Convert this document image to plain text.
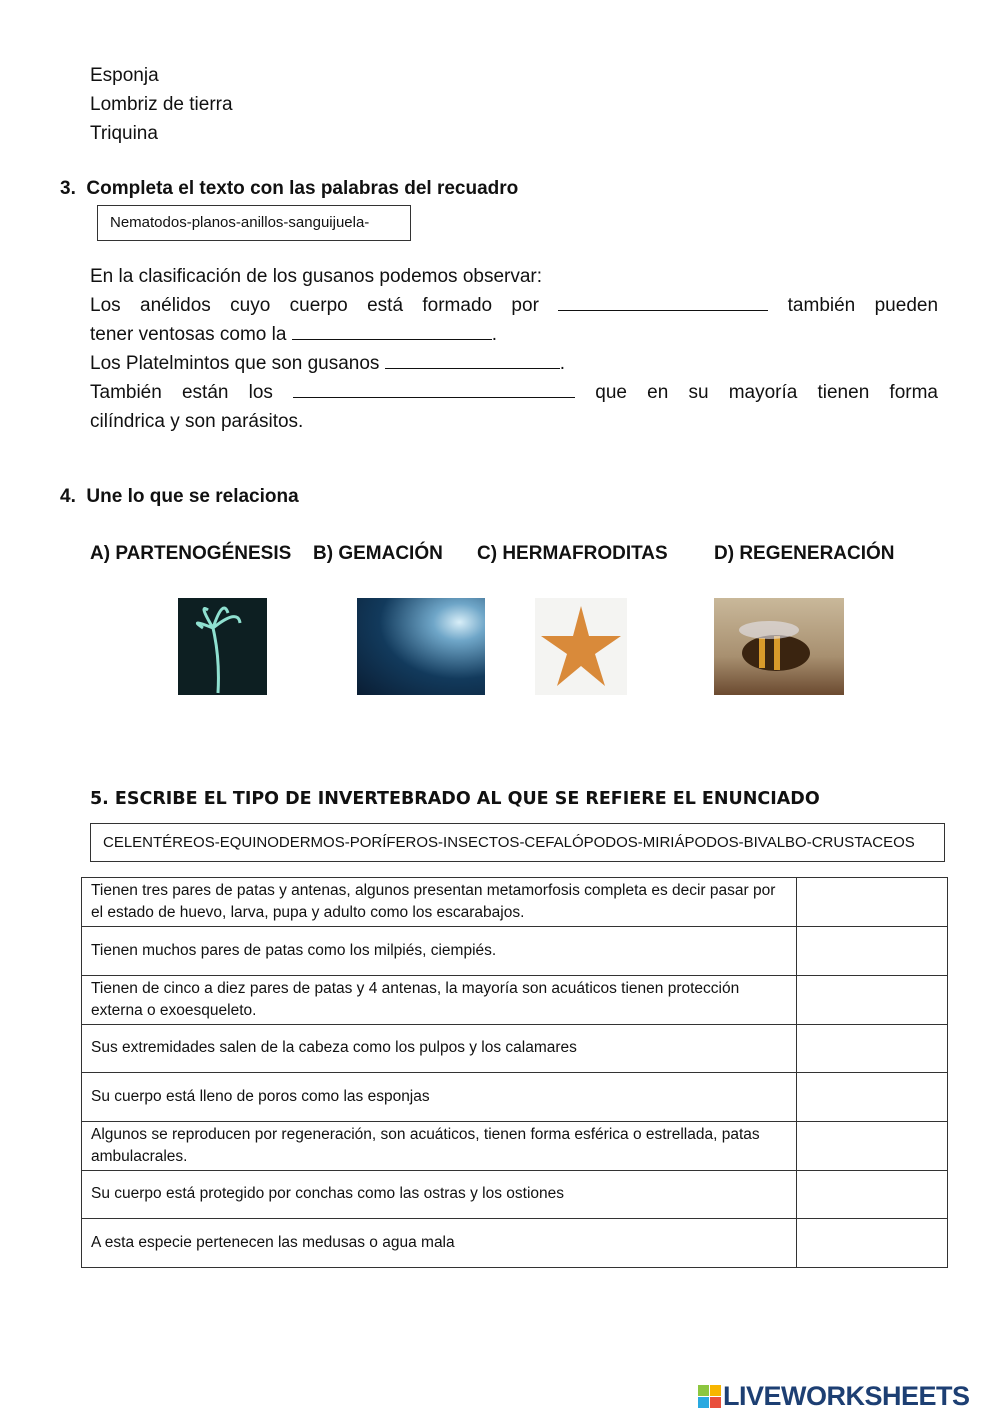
Esponja
Lombriz de tierra
Triquina
3. Completa el texto con las palabras del recuadro
Nematodos-planos-anillos-sanguijuela-
En la clasificación de los gusanos podemos observar:
Los anélidos cuyo cuerpo está formado por	también pueden
tener ventosas como la	.
Los Platelmintos que son gusanos	.
También están los	que en su mayoría tienen forma
cilíndrica y son parásitos.
4. Une lo que se relaciona
A) PARTENOGÉNESIS B) GEMACIÓN C) HERMAFRODITAS D) REGENERACIÓN
5. ESCRIBE EL TIPO DE INVERTEBRADO AL QUE SE REFIERE EL ENUNCIADO
CELENTÉREOS-EQUINODERMOS-PORÍFEROS-INSECTOS-CEFALÓPODOS-MIRIÁPODOS-BIVALBO-CRUSTACEOS
Tienen tres pares de patas y antenas, algunos presentan metamorfosis completa es decir pasar por el estado de huevo, larva, pupa y adulto como los escarabajos.	
Tienen muchos pares de patas como los milpiés, ciempiés.	
Tienen de cinco a diez pares de patas y 4 antenas, la mayoría son acuáticos tienen protección externa o exoesqueleto.	
Sus extremidades salen de la cabeza como los pulpos y los calamares	
Su cuerpo está lleno de poros como las esponjas	
Algunos se reproducen por regeneración, son acuáticos, tienen forma esférica o estrellada, patas ambulacrales.	
Su cuerpo está protegido por conchas como las ostras y los ostiones	
A esta especie pertenecen las medusas o agua mala	
LIVEWORKSHEETS
